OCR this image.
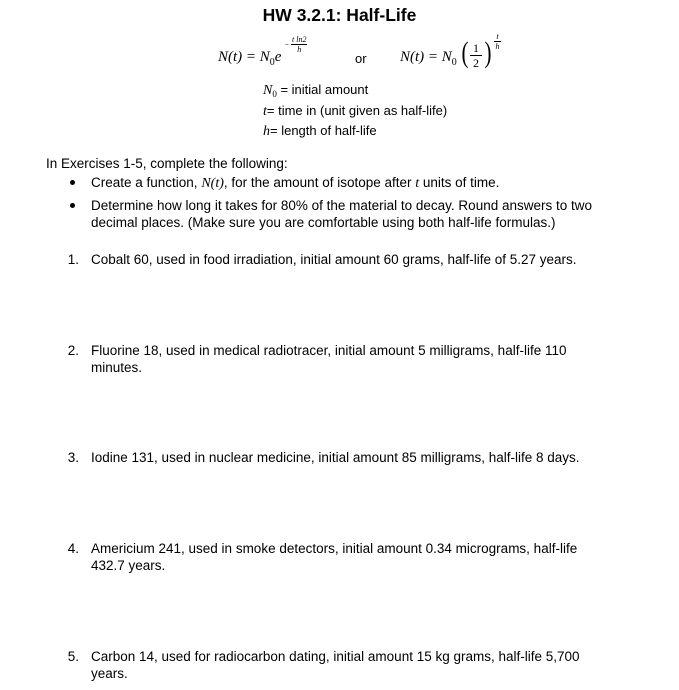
HW 3.2.1: Half-Life
$N(t) = N_0e$
− $\frac{\text{t ln2}}{h}$
or $N(t) = N_0$ ( $\frac{1}{2}$ ) $\frac{t}{h}$
$N_0$ = initial amount
t= time in (unit given as half-life)
h= length of half-life
In Exercises 1-5, complete the following:
Create a function, N(t), for the amount of isotope after t units of time.
Determine how long it takes for 80% of the material to decay. Round answers to two
decimal places. (Make sure you are comfortable using both half-life formulas.)
1. Cobalt 60, used in food irradiation, initial amount 60 grams, half-life of 5.27 years.
2. Fluorine 18, used in medical radiotracer, initial amount 5 milligrams, half-life 110
minutes.
3. Iodine 131, used in nuclear medicine, initial amount 85 milligrams, half-life 8 days.
4. Americium 241, used in smoke detectors, initial amount 0.34 micrograms, half-life
432.7 years.
5. Carbon 14, used for radiocarbon dating, initial amount 15 kg grams, half-life 5,700
years.
